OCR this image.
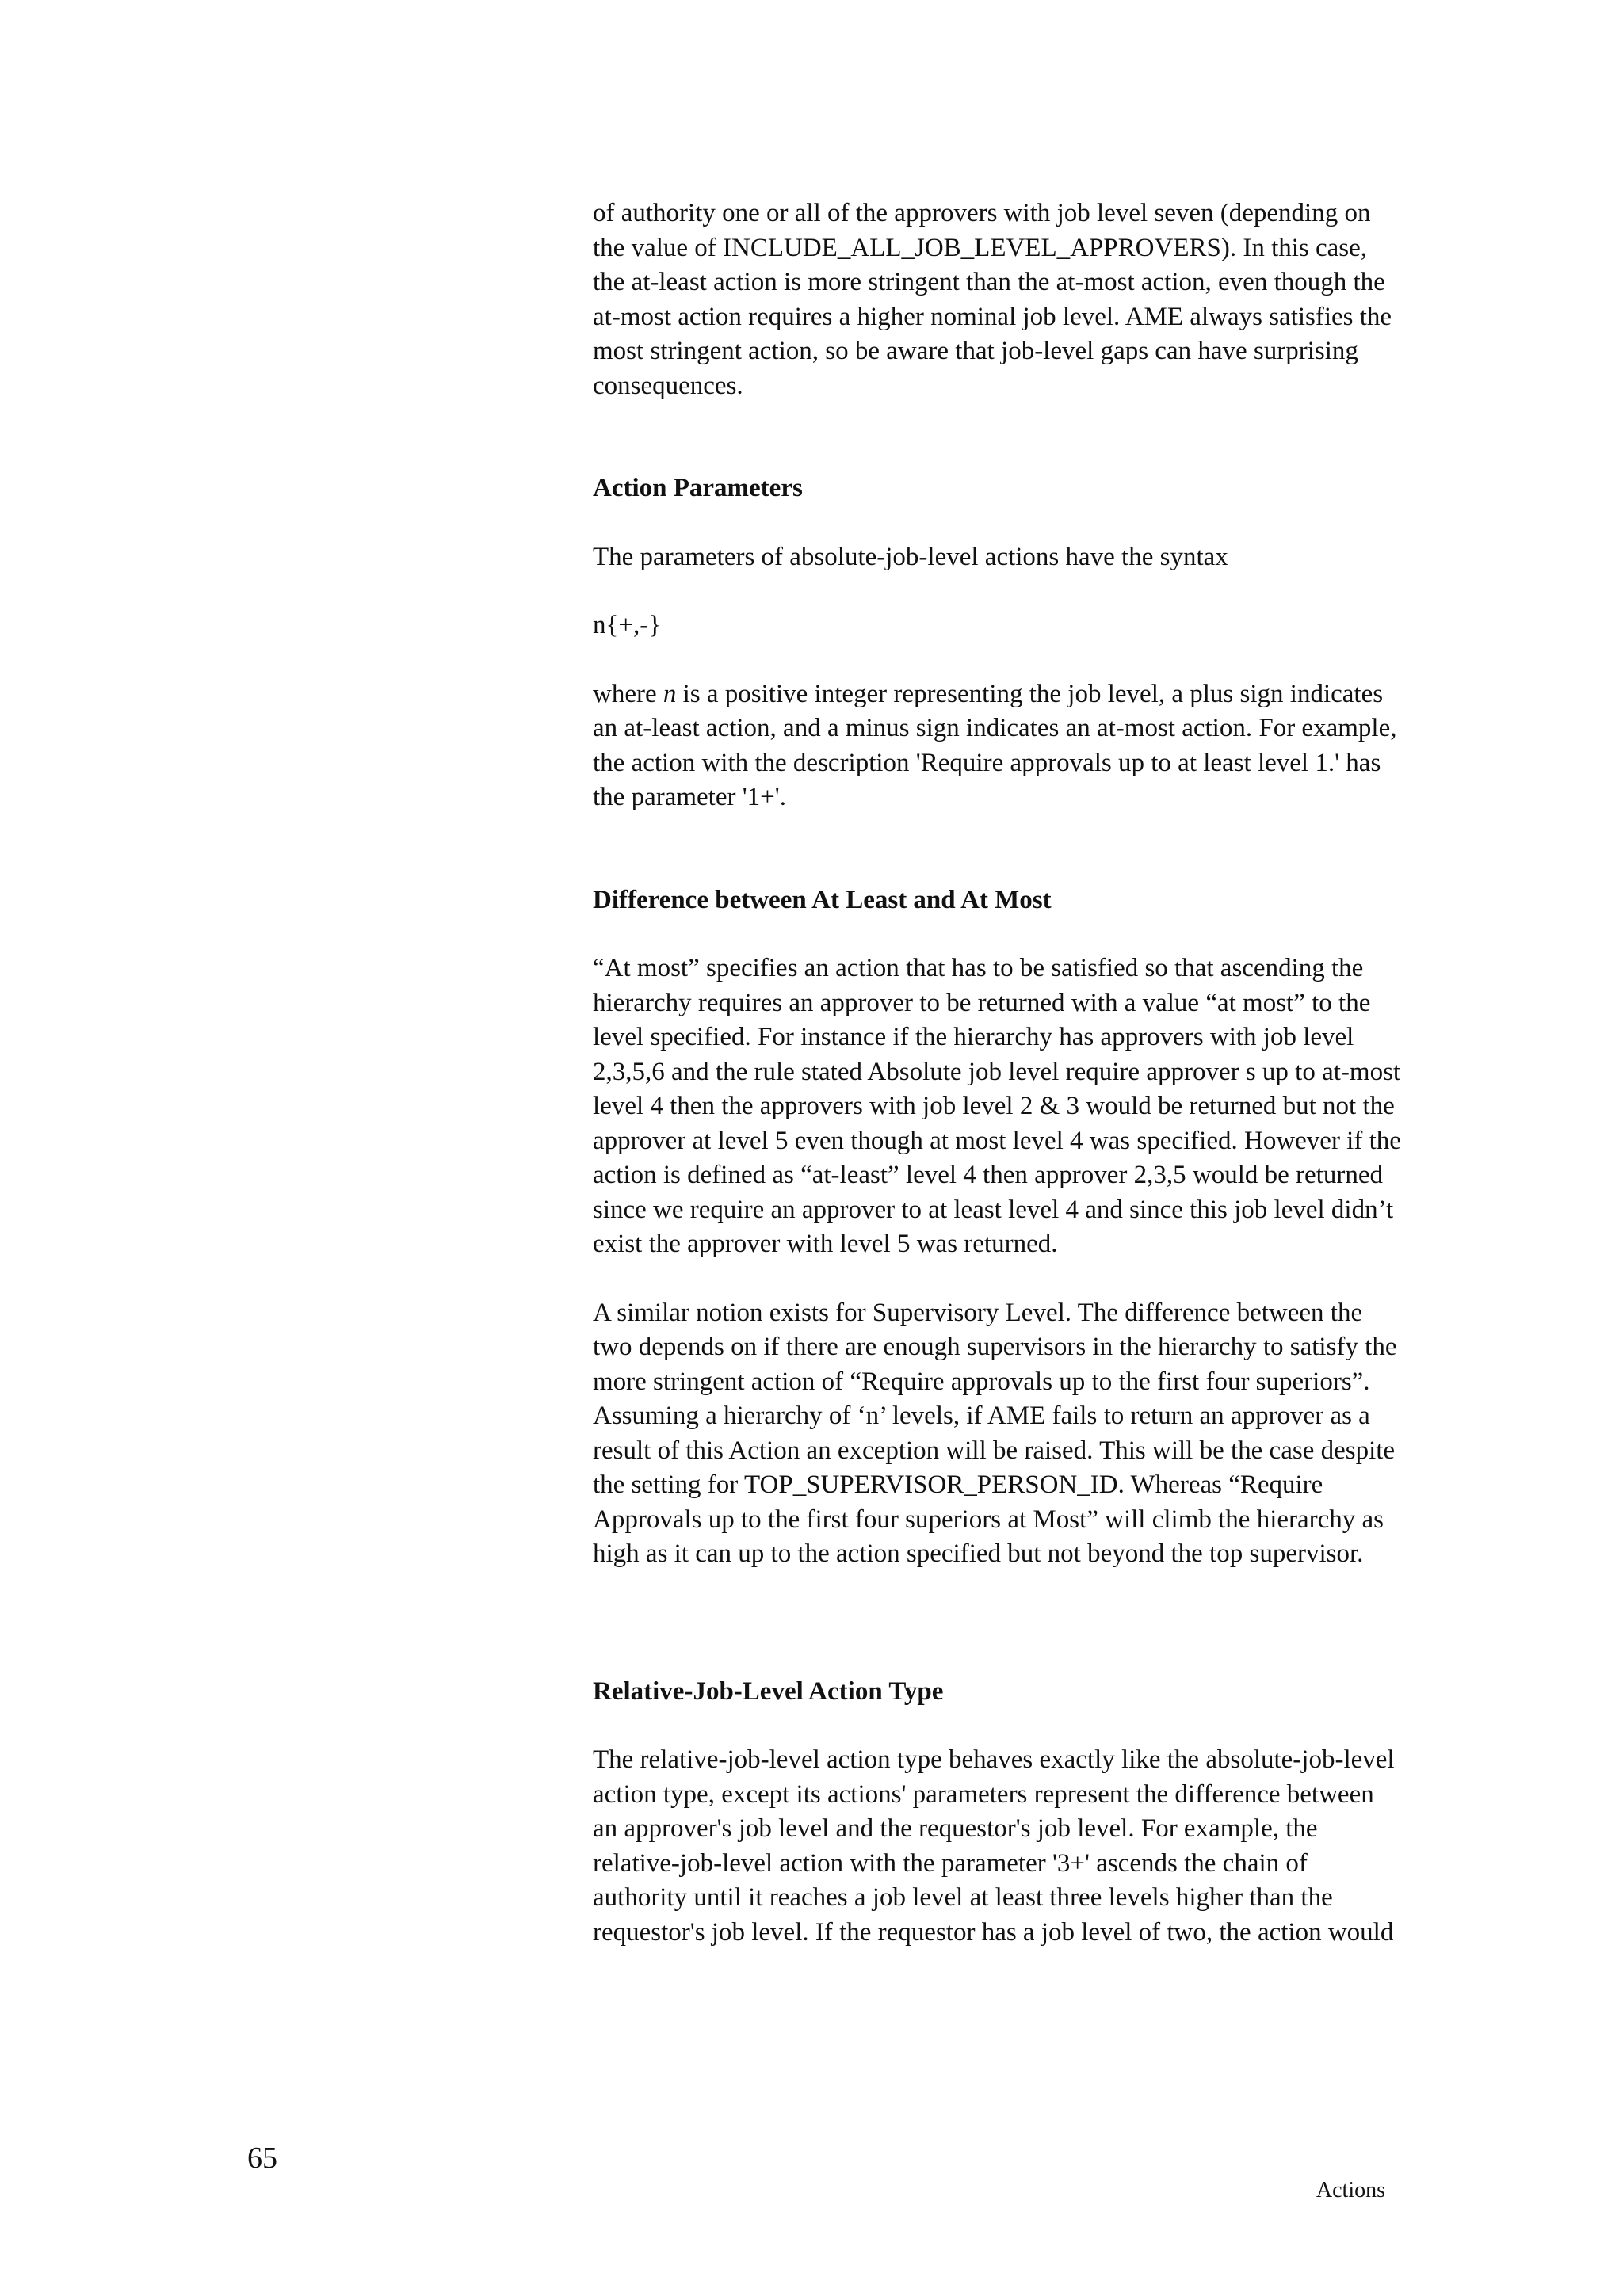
of authority one or all of the approvers with job level seven (depending on the value of INCLUDE_ALL_JOB_LEVEL_APPROVERS). In this case, the at-least action is more stringent than the at-most action, even though the at-most action requires a higher nominal job level. AME always satisfies the most stringent action, so be aware that job-level gaps can have surprising consequences.

Action Parameters

The parameters of absolute-job-level actions have the syntax

n{+,-}

where n is a positive integer representing the job level, a plus sign indicates an at-least action, and a minus sign indicates an at-most action. For example, the action with the description 'Require approvals up to at least level 1.' has the parameter '1+'.

Difference between At Least and At Most

“At most” specifies an action that has to be satisfied so that ascending the hierarchy requires an approver to be returned with a value “at most” to the level specified. For instance if the hierarchy has approvers with job level 2,3,5,6 and the rule stated Absolute job level require approver s up to at-most level 4 then the approvers with job level 2 & 3 would be returned but not the approver at level 5 even though at most level 4 was specified. However if the action is defined as “at-least” level 4 then approver 2,3,5 would be returned since we require an approver to at least level 4 and since this job level didn’t exist the approver with level 5 was returned.

A similar notion exists for Supervisory Level. The difference between the two depends on if there are enough supervisors in the hierarchy to satisfy the more stringent action of “Require approvals up to the first four superiors”. Assuming a hierarchy of ‘n’ levels, if AME fails to return an approver as a result of this Action an exception will be raised. This will be the case despite the setting for TOP_SUPERVISOR_PERSON_ID. Whereas “Require Approvals up to the first four superiors at Most” will climb the hierarchy as high as it can up to the action specified but not beyond the top supervisor.

Relative-Job-Level Action Type

The relative-job-level action type behaves exactly like the absolute-job-level action type, except its actions' parameters represent the difference between an approver's job level and the requestor's job level. For example, the relative-job-level action with the parameter '3+' ascends the chain of authority until it reaches a job level at least three levels higher than the requestor's job level. If the requestor has a job level of two, the action would

65
Actions
